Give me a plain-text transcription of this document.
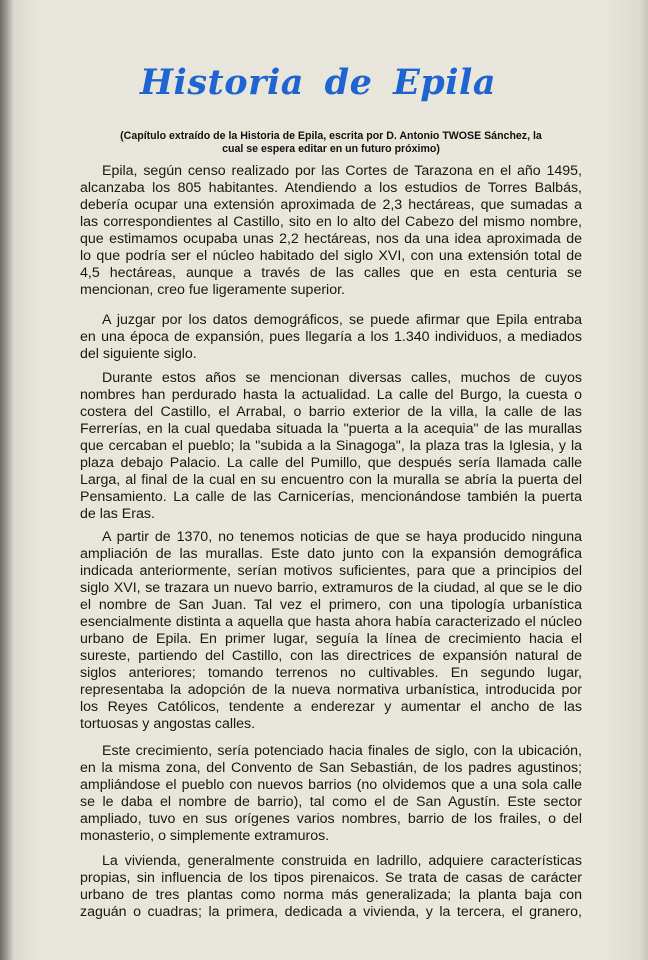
Historia de Epila
(Capítulo extraído de la Historia de Epila, escrita por D. Antonio TWOSE Sánchez, la
cual se espera editar en un futuro próximo)
Epila, según censo realizado por las Cortes de Tarazona en el año 1495,
alcanzaba los 805 habitantes. Atendiendo a los estudios de Torres Balbás,
debería ocupar una extensión aproximada de 2,3 hectáreas, que sumadas a
las correspondientes al Castillo, sito en lo alto del Cabezo del mismo nombre,
que estimamos ocupaba unas 2,2 hectáreas, nos da una idea aproximada de
lo que podría ser el núcleo habitado del siglo XVI, con una extensión total de
4,5 hectáreas, aunque a través de las calles que en esta centuria se
mencionan, creo fue ligeramente superior.
A juzgar por los datos demográficos, se puede afirmar que Epila entraba
en una época de expansión, pues llegaría a los 1.340 individuos, a mediados
del siguiente siglo.
Durante estos años se mencionan diversas calles, muchos de cuyos
nombres han perdurado hasta la actualidad. La calle del Burgo, la cuesta o
costera del Castillo, el Arrabal, o barrio exterior de la villa, la calle de las
Ferrerías, en la cual quedaba situada la "puerta a la acequia" de las murallas
que cercaban el pueblo; la "subida a la Sinagoga", la plaza tras la Iglesia, y la
plaza debajo Palacio. La calle del Pumillo, que después sería llamada calle
Larga, al final de la cual en su encuentro con la muralla se abría la puerta del
Pensamiento. La calle de las Carnicerías, mencionándose también la puerta
de las Eras.
A partir de 1370, no tenemos noticias de que se haya producido ninguna
ampliación de las murallas. Este dato junto con la expansión demográfica
indicada anteriormente, serían motivos suficientes, para que a principios del
siglo XVI, se trazara un nuevo barrio, extramuros de la ciudad, al que se le dio
el nombre de San Juan. Tal vez el primero, con una tipología urbanística
esencialmente distinta a aquella que hasta ahora había caracterizado el núcleo
urbano de Epila. En primer lugar, seguía la línea de crecimiento hacia el
sureste, partiendo del Castillo, con las directrices de expansión natural de
siglos anteriores; tomando terrenos no cultivables. En segundo lugar,
representaba la adopción de la nueva normativa urbanística, introducida por
los Reyes Católicos, tendente a enderezar y aumentar el ancho de las
tortuosas y angostas calles.
Este crecimiento, sería potenciado hacia finales de siglo, con la ubicación,
en la misma zona, del Convento de San Sebastián, de los padres agustinos;
ampliándose el pueblo con nuevos barrios (no olvidemos que a una sola calle
se le daba el nombre de barrio), tal como el de San Agustín. Este sector
ampliado, tuvo en sus orígenes varios nombres, barrio de los frailes, o del
monasterio, o simplemente extramuros.
La vivienda, generalmente construida en ladrillo, adquiere características
propias, sin influencia de los tipos pirenaicos. Se trata de casas de carácter
urbano de tres plantas como norma más generalizada; la planta baja con
zaguán o cuadras; la primera, dedicada a vivienda, y la tercera, el granero,
